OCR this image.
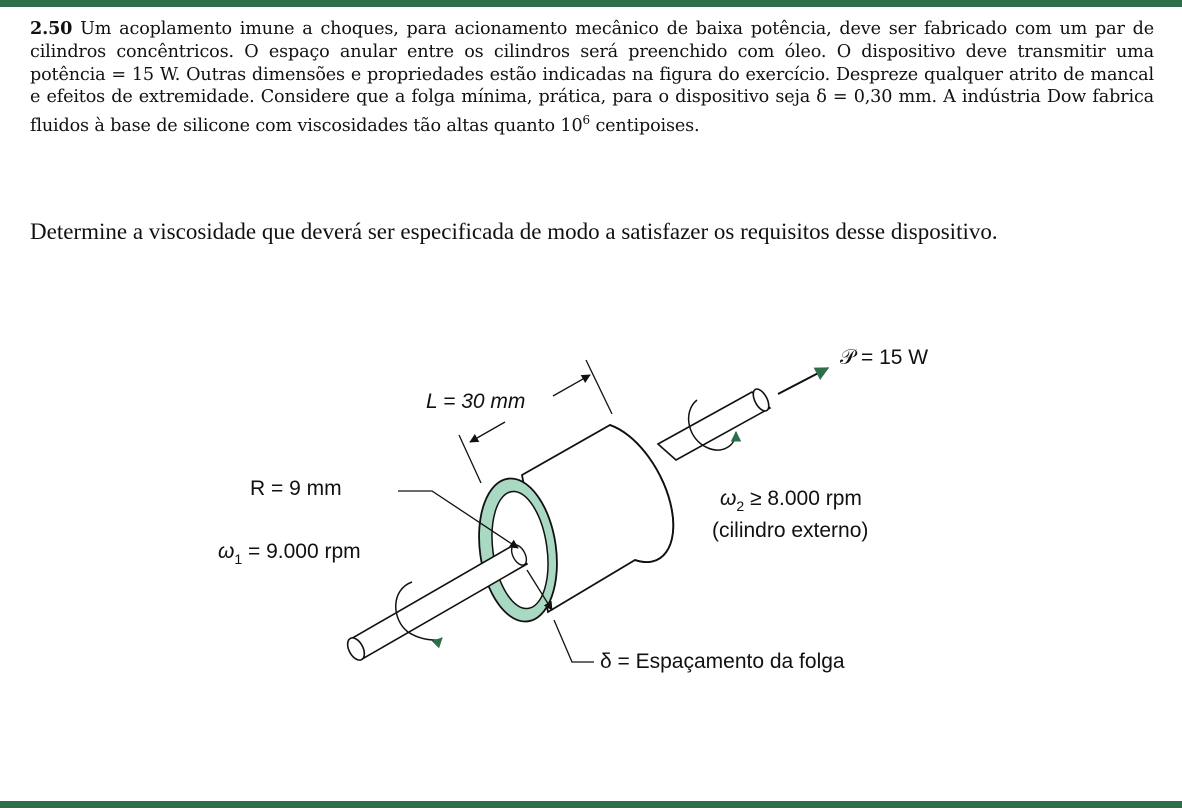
2.50 Um acoplamento imune a choques, para acionamento mecânico de baixa potência, deve ser fabricado com um par de cilindros concêntricos. O espaço anular entre os cilindros será preenchido com óleo. O dispositivo deve transmitir uma potência = 15 W. Outras dimensões e propriedades estão indicadas na figura do exercício. Despreze qualquer atrito de mancal e efeitos de extremidade. Considere que a folga mínima, prática, para o dispositivo seja δ = 0,30 mm. A indústria Dow fabrica fluidos à base de silicone com viscosidades tão altas quanto $10^6$ centipoises.
Determine a viscosidade que deverá ser especificada de modo a satisfazer os requisitos desse dispositivo.
𝒫 = 15 W
L = 30 mm
R = 9 mm
$\omega_1 = 9.000$ rpm
$\omega_2 \ge 8.000$ rpm
(cilindro externo)
δ = Espaçamento da folga
